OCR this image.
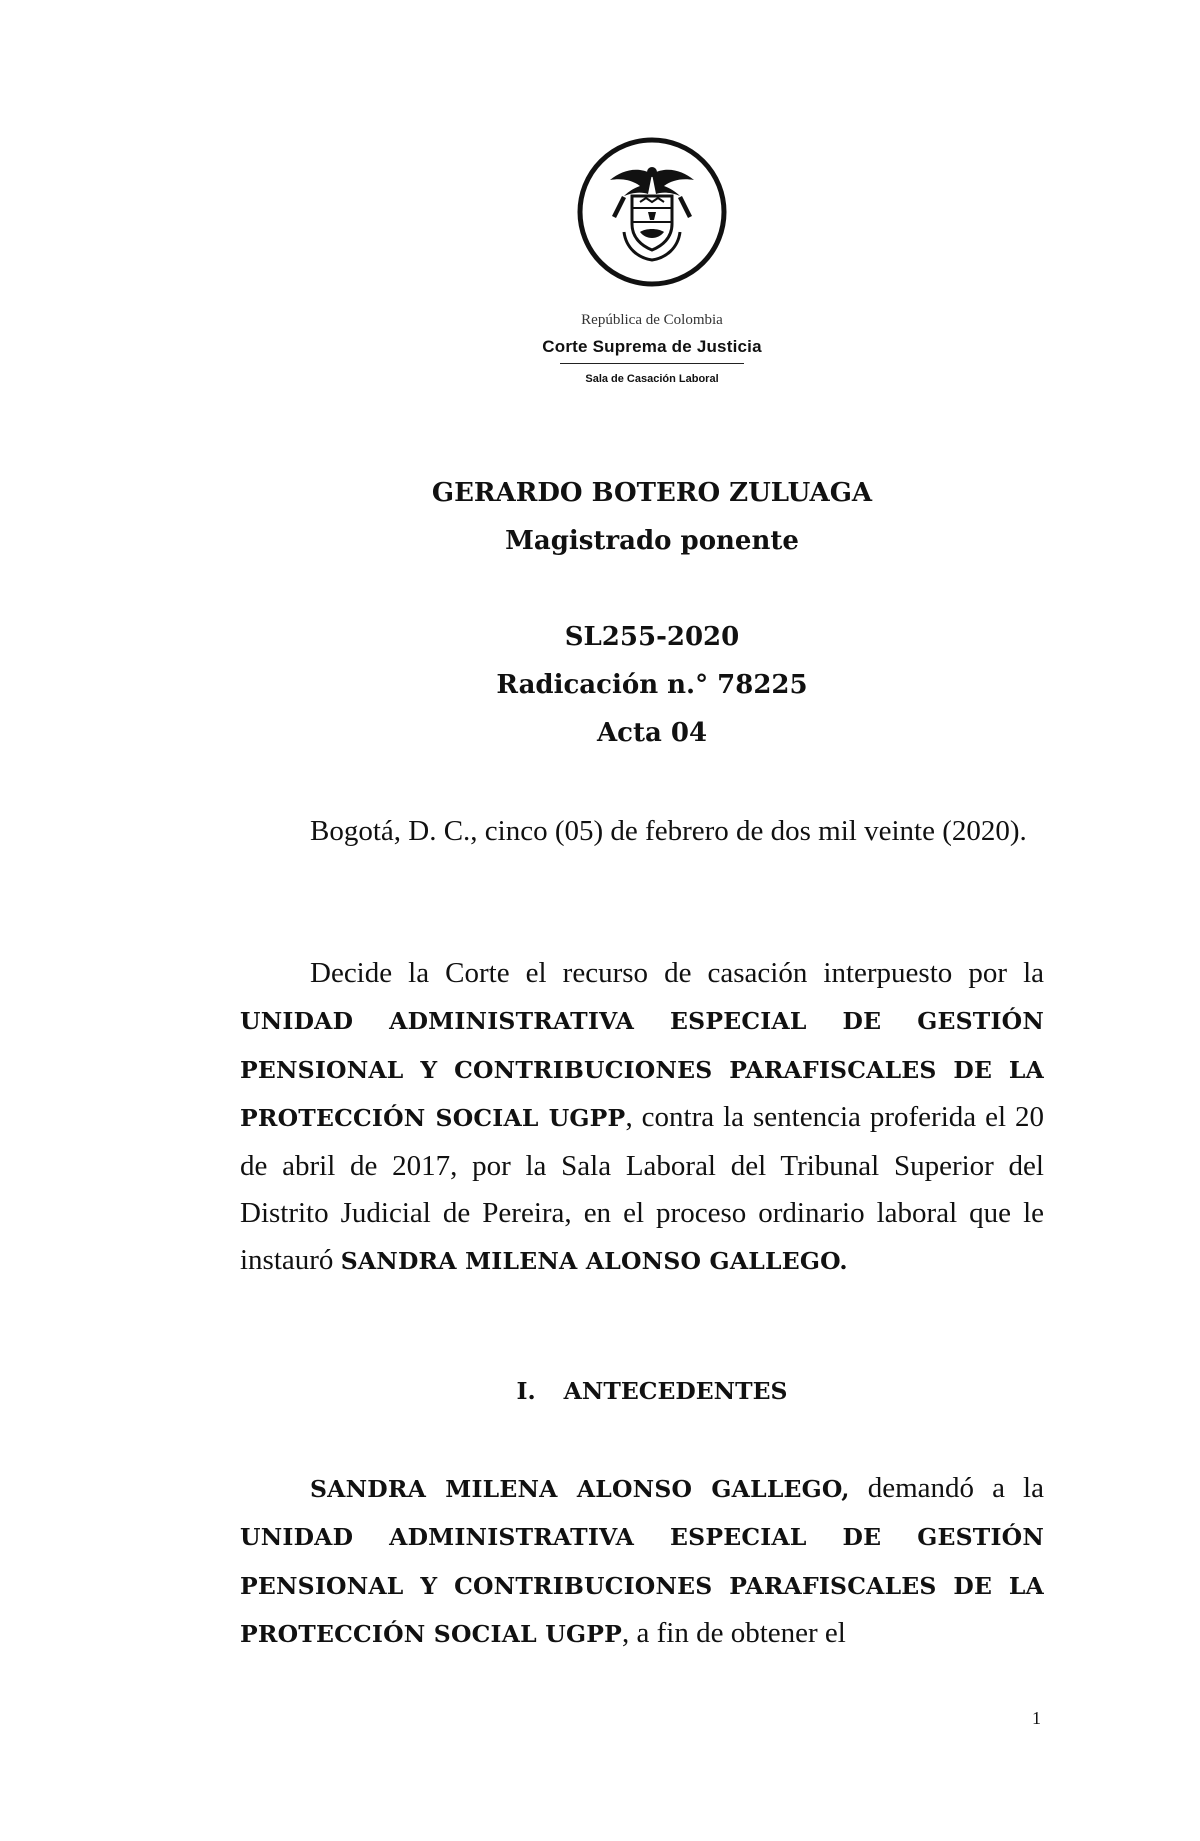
República de Colombia
Corte Suprema de Justicia
Sala de Casación Laboral
GERARDO BOTERO ZULUAGA
Magistrado ponente
SL255-2020
Radicación n.° 78225
Acta 04

Bogotá, D. C., cinco (05) de febrero de dos mil veinte (2020).

Decide la Corte el recurso de casación interpuesto por la UNIDAD ADMINISTRATIVA ESPECIAL DE GESTIÓN PENSIONAL Y CONTRIBUCIONES PARAFISCALES DE LA PROTECCIÓN SOCIAL UGPP, contra la sentencia proferida el 20 de abril de 2017, por la Sala Laboral del Tribunal Superior del Distrito Judicial de Pereira, en el proceso ordinario laboral que le instauró SANDRA MILENA ALONSO GALLEGO.

I. ANTECEDENTES

SANDRA MILENA ALONSO GALLEGO, demandó a la UNIDAD ADMINISTRATIVA ESPECIAL DE GESTIÓN PENSIONAL Y CONTRIBUCIONES PARAFISCALES DE LA PROTECCIÓN SOCIAL UGPP, a fin de obtener el

1
